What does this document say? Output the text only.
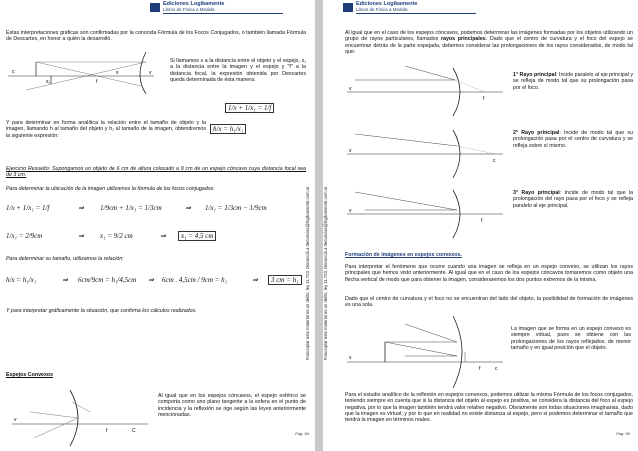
Ediciones Logikamente
Libros de Física a Medida

Estas interpretaciones gráficas son confirmadas por la conocida Fórmula de los Focos Conjugados, o también llamada Fórmula de Descartes, en honor a quién la desarrolló.

c
x₁	f
x	v

Si llamamos x a la distancia entre el objeto y el espejo, x₁ a la distancia entre la imagen y el espejo y "f" a la distancia focal, la expresión obtenida por Descartes queda determinada de ésta manera:

1/x + 1/x₁ = 1/f

Y para determinar en forma analítica la relación entre el tamaño de objeto y la imagen, llamando h al tamaño del objeto y h₁ al tamaño de la imagen, obtendremos la siguiente expresión:

h/x = h₁/x₁

Ejercicio Resuelto: Supongamos un objeto de 6 cm de altura colocado a 9 cm de un espejo cóncavo cuya distancia focal sea de 3 cm.

Para determinar la ubicación de la imagen utilizamos la fórmula de los focos conjugados:

1/x + 1/x₁ = 1/f	⇒ 1/9cm + 1/x₁ = 1/3cm	⇒ 1/x₁ = 1/3cm − 1/9cm
1/x₁ = 2/9cm	⇒ x₁ = 9/2 cm	⇒	x₁ = 4,5 cm

Para determinar su tamaño, utilizamos la relación:

h/x = h₁/x₁	⇒ 6cm/9cm = h₁/4,5cm ⇒ 6cm . 4,5cm / 9cm = h₁	⇒	3 cm = h₁

Y para interpretar gráficamente la situación, que confirma los cálculos realizados.

Espejos Convexos

v
f	C

Al igual que en los espejos cóncavos, el espejo esférico se comporta como uno plano tangente a la esfera en el punto de incidencia y la reflexión se rige según las leyes anteriormente mencionadas.

Pag. 94
Fotocopiar este material es un delito, ley 11.723, Denunciá a denuncias@logikamente.com.ar
Ediciones Logikamente
Libros de Física a Medida
Fotocopiar este material es un delito, ley 11.723, Denunciá a denuncias@logikamente.com.ar

Al igual que en el caso de los espejos cóncavos, podemos determinar las imágenes formadas por los objetos utilizando un grupo de rayos particulares, llamados rayos principales. Dado que el centro de curvatura y el foco del espejo se encuentran detrás de la parte espejada, debemos considerar las prolongaciones de los rayos considerados, de modo tal que:

v
f
v
c
v
f

1° Rayo principal: Incide paralelo al eje principal y se refleja de modo tal que su prolongación pasa por el foco.

2° Rayo principal: Incide de modo tal que su prolongación pasa por el centro de curvatura y se refleja sobre sí mismo.

3° Rayo principal: Incide de modo tal que la prolongación del rayo pasa por el foco y se refleja paralelo al eje principal.

Formación de imágenes en espejos convexos.

Para interpretar el fenómeno que ocurre cuando una imagen se refleja en un espejo convexo, se utilizan los rayos principales que hemos visto anteriormente. Al igual que en el caso de los espejos cóncavos tomaremos como objeto una flecha vertical de modo que para obtener la imagen, consideraremos los dos puntos extremos de la misma.

Dado que el centro de curvatura y el foco no se encuentran del lado del objeto, la posibilidad de formación de imágenes es una sola.

v
f	c

La imagen que se forma en un espejo convexo es siempre virtual, pues se obtiene con las prolongaciones de los rayos reflejados, de menor tamaño y en igual posición que el objeto.

Para el estudio analítico de la reflexión en espejos convexos, podemos utilizar la misma Fórmula de los focos conjugados, teniendo siempre en cuenta que si la distancia del objeto al espejo es positiva, se considera la distancia del foco al espejo negativa, por lo que la imagen también tendrá valor relativo negativo. Obviamente son todas situaciones imaginarias, dado que la imagen es virtual, y por lo que en realidad no existe distancia al espejo, pero sí podemos determinar el tamaño que tendrá la imagen en términos reales.

Pag. 95
